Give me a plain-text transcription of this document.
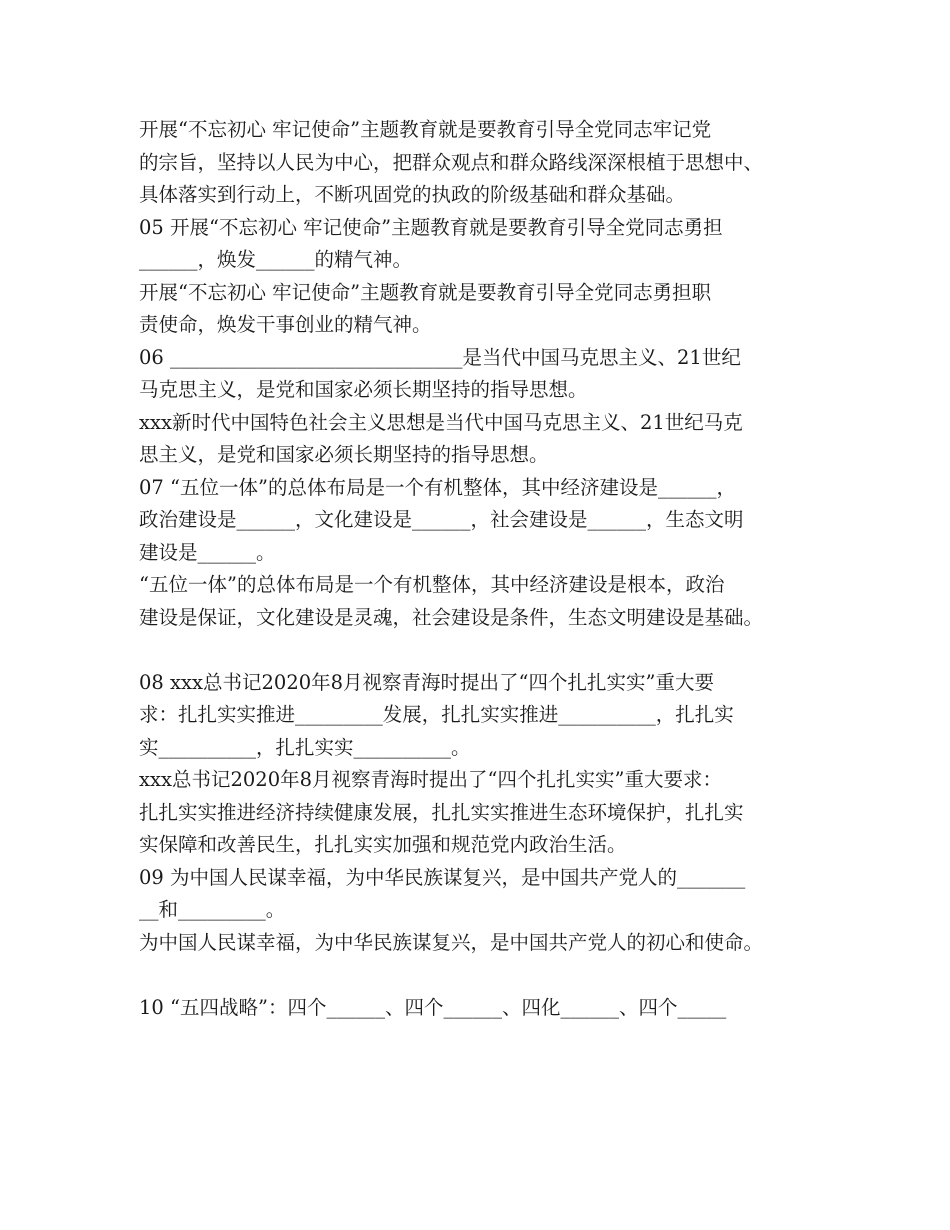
开展“不忘初心 牢记使命”主题教育就是要教育引导全党同志牢记党
的宗旨，坚持以人民为中心，把群众观点和群众路线深深根植于思想中、
具体落实到行动上，不断巩固党的执政的阶级基础和群众基础。
05 开展“不忘初心 牢记使命”主题教育就是要教育引导全党同志勇担
______，焕发______的精气神。
开展“不忘初心 牢记使命”主题教育就是要教育引导全党同志勇担职
责使命，焕发干事创业的精气神。
06 ______________________________是当代中国马克思主义、21世纪
马克思主义，是党和国家必须长期坚持的指导思想。
xxx新时代中国特色社会主义思想是当代中国马克思主义、21世纪马克
思主义，是党和国家必须长期坚持的指导思想。
07 “五位一体”的总体布局是一个有机整体，其中经济建设是______，
政治建设是______，文化建设是______，社会建设是______，生态文明
建设是______。
“五位一体”的总体布局是一个有机整体，其中经济建设是根本，政治
建设是保证，文化建设是灵魂，社会建设是条件，生态文明建设是基础。
08 xxx总书记2020年8月视察青海时提出了“四个扎扎实实”重大要
求：扎扎实实推进_________发展，扎扎实实推进__________，扎扎实
实__________，扎扎实实__________。
xxx总书记2020年8月视察青海时提出了“四个扎扎实实”重大要求：
扎扎实实推进经济持续健康发展，扎扎实实推进生态环境保护，扎扎实
实保障和改善民生，扎扎实实加强和规范党内政治生活。
09 为中国人民谋幸福，为中华民族谋复兴，是中国共产党人的_______
__和_________。
为中国人民谋幸福，为中华民族谋复兴，是中国共产党人的初心和使命。
10 “五四战略”：四个______、四个______、四化______、四个_____
